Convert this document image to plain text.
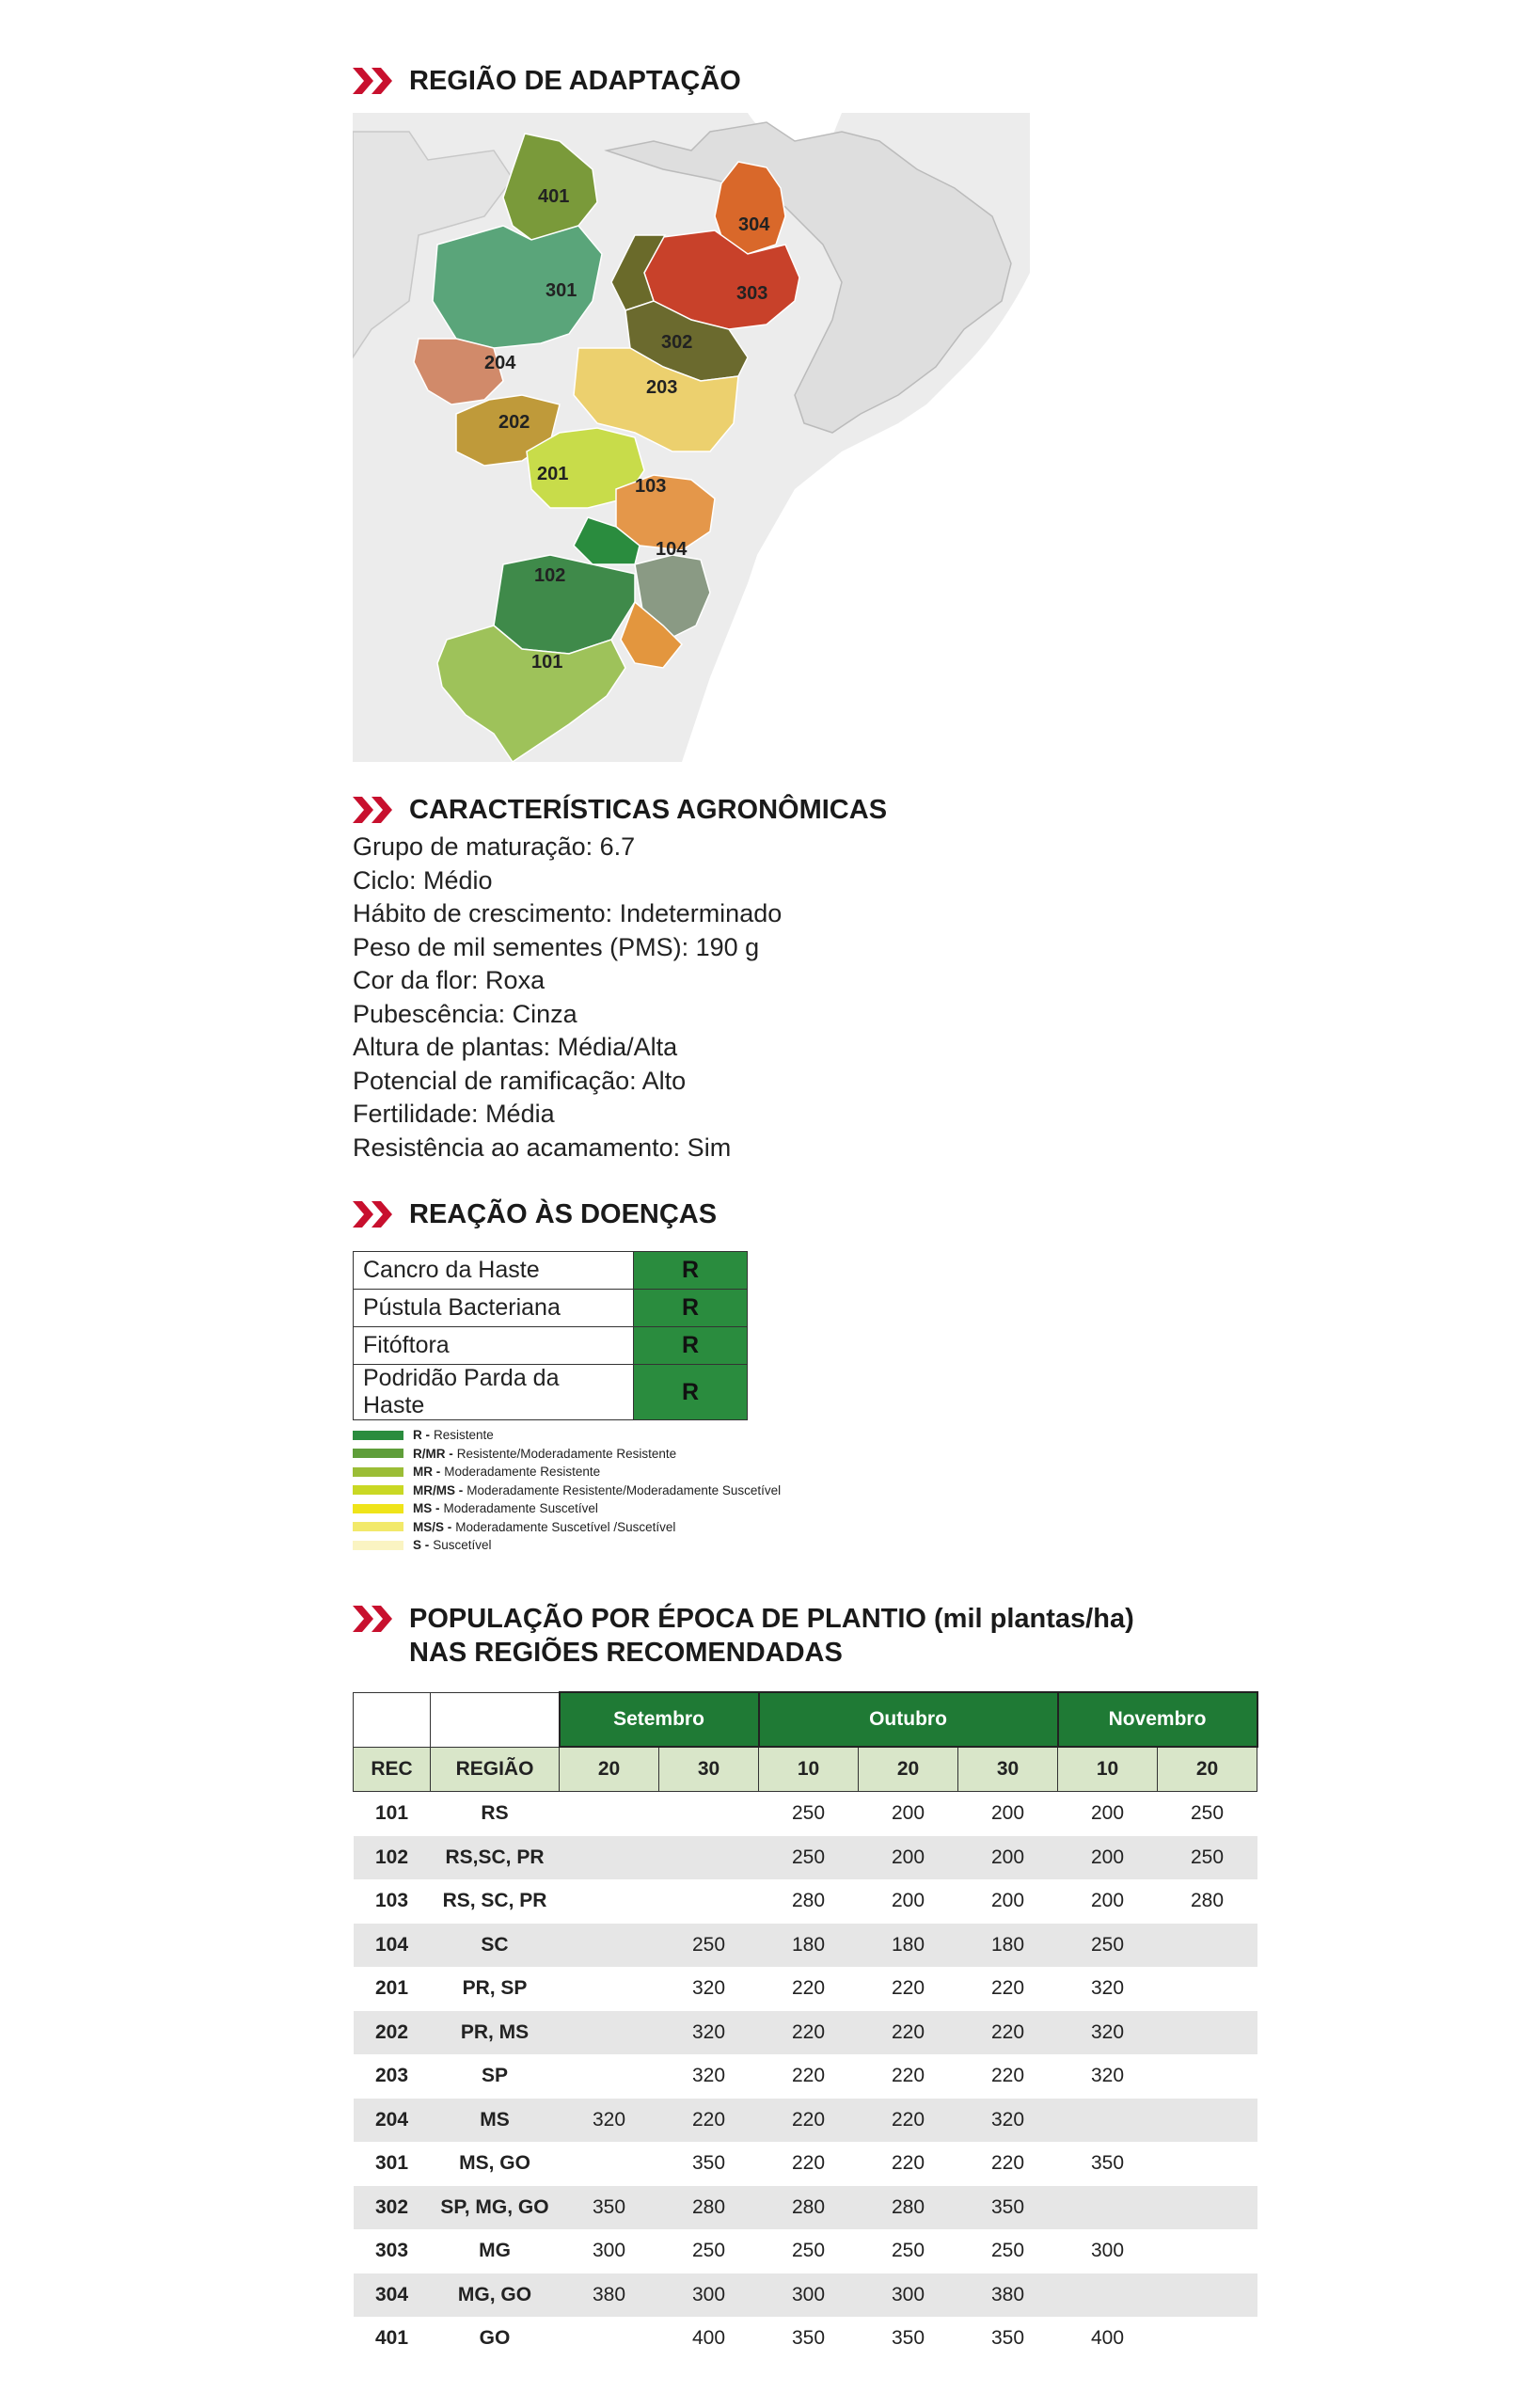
REGIÃO DE ADAPTAÇÃO
401
304
301	303
302
204
203
202
201
103
104
102
101
CARACTERÍSTICAS AGRONÔMICAS
Grupo de maturação: 6.7
Ciclo: Médio
Hábito de crescimento: Indeterminado
Peso de mil sementes (PMS): 190 g
Cor da flor: Roxa
Pubescência: Cinza
Altura de plantas: Média/Alta
Potencial de ramificação: Alto
Fertilidade: Média
Resistência ao acamamento: Sim
REAÇÃO ÀS DOENÇAS
Cancro da Haste	R
Pústula Bacteriana	R
Fitóftora	R
Podridão Parda da Haste	R
R - Resistente
R/MR - Resistente/Moderadamente Resistente
MR - Moderadamente Resistente
MR/MS - Moderadamente Resistente/Moderadamente Suscetível
MS - Moderadamente Suscetível
MS/S - Moderadamente Suscetível /Suscetível
S - Suscetível
POPULAÇÃO POR ÉPOCA DE PLANTIO (mil plantas/ha)
NAS REGIÕES RECOMENDADAS
		Setembro		Outubro			Novembro	
REC	REGIÃO	20	30	10	20	30	10	20
101	RS			250	200	200	200	250
102	RS,SC, PR			250	200	200	200	250
103	RS, SC, PR			280	200	200	200	280
104	SC		250	180	180	180	250	
201	PR, SP		320	220	220	220	320	
202	PR, MS		320	220	220	220	320	
203	SP		320	220	220	220	320	
204	MS	320	220	220	220	320		
301	MS, GO		350	220	220	220	350	
302	SP, MG, GO	350	280	280	280	350		
303	MG	300	250	250	250	250	300	
304	MG, GO	380	300	300	300	380		
401	GO		400	350	350	350	400	
